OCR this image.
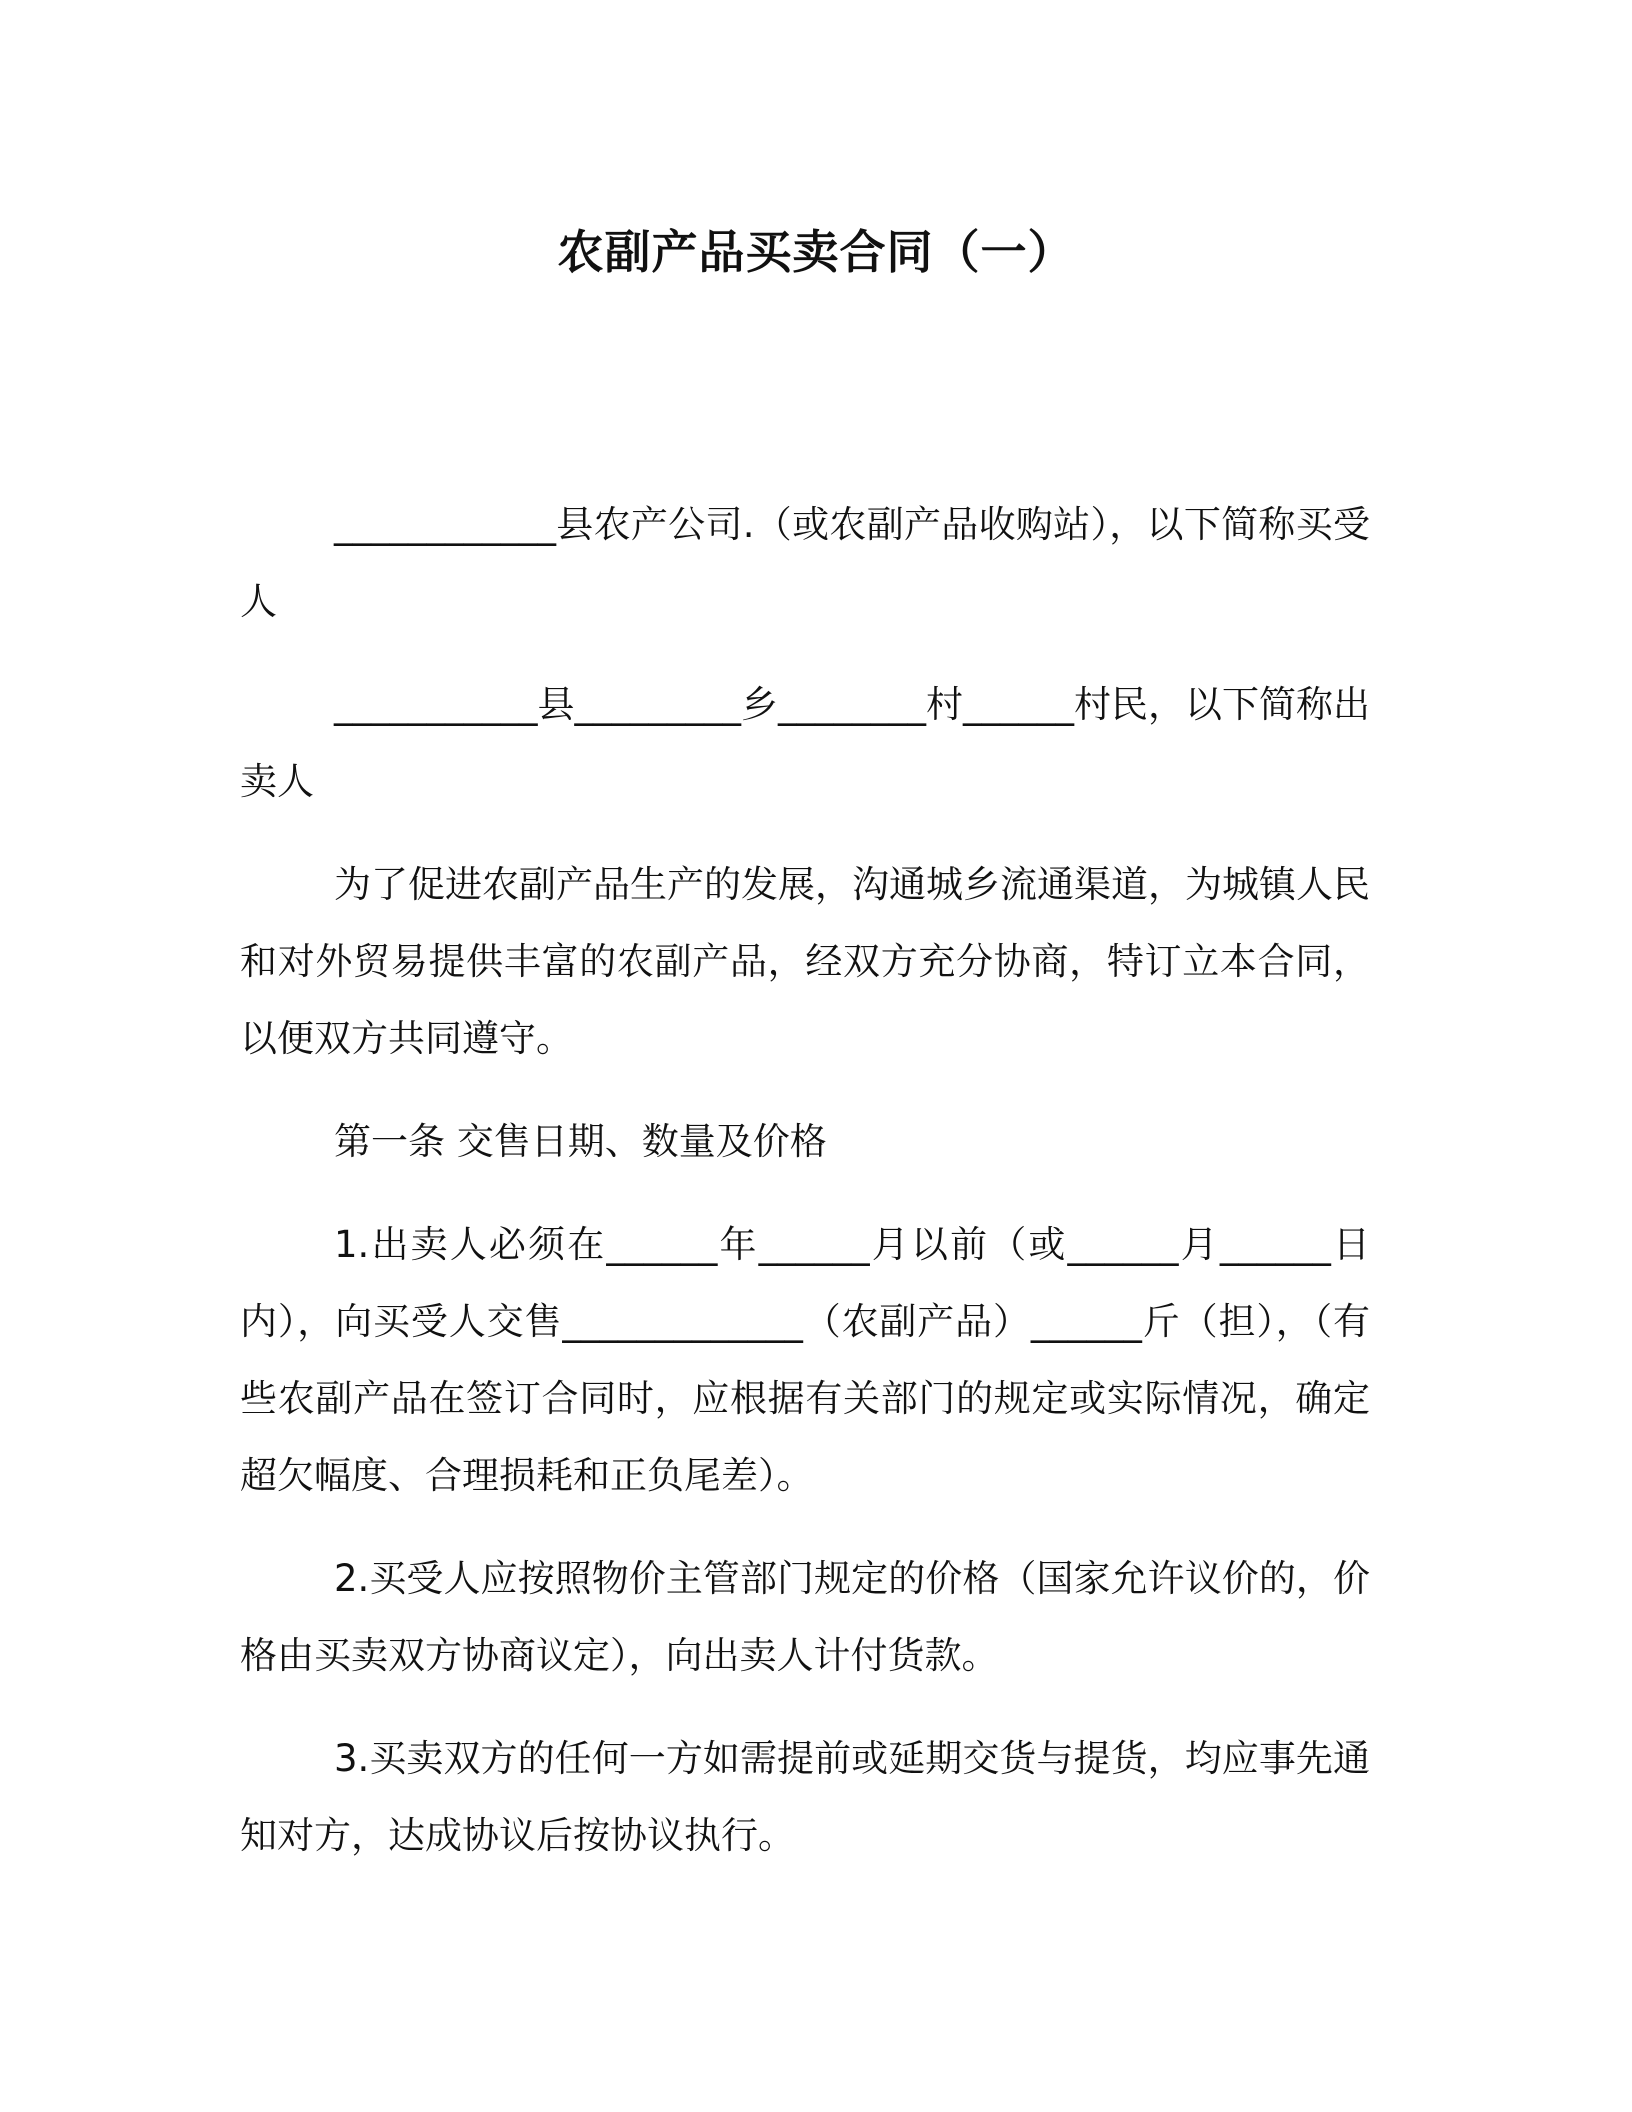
农副产品买卖合同（一）

____________县农产公司.（或农副产品收购站），以下简称买受人

___________县_________乡________村______村民，以下简称出卖人

为了促进农副产品生产的发展，沟通城乡流通渠道，为城镇人民和对外贸易提供丰富的农副产品，经双方充分协商，特订立本合同，以便双方共同遵守。

第一条 交售日期、数量及价格

1.出卖人必须在______年______月以前（或______月______日内），向买受人交售_____________（农副产品）______斤（担），（有些农副产品在签订合同时，应根据有关部门的规定或实际情况，确定超欠幅度、合理损耗和正负尾差）。

2.买受人应按照物价主管部门规定的价格（国家允许议价的，价格由买卖双方协商议定），向出卖人计付货款。

3.买卖双方的任何一方如需提前或延期交货与提货，均应事先通知对方，达成协议后按协议执行。
